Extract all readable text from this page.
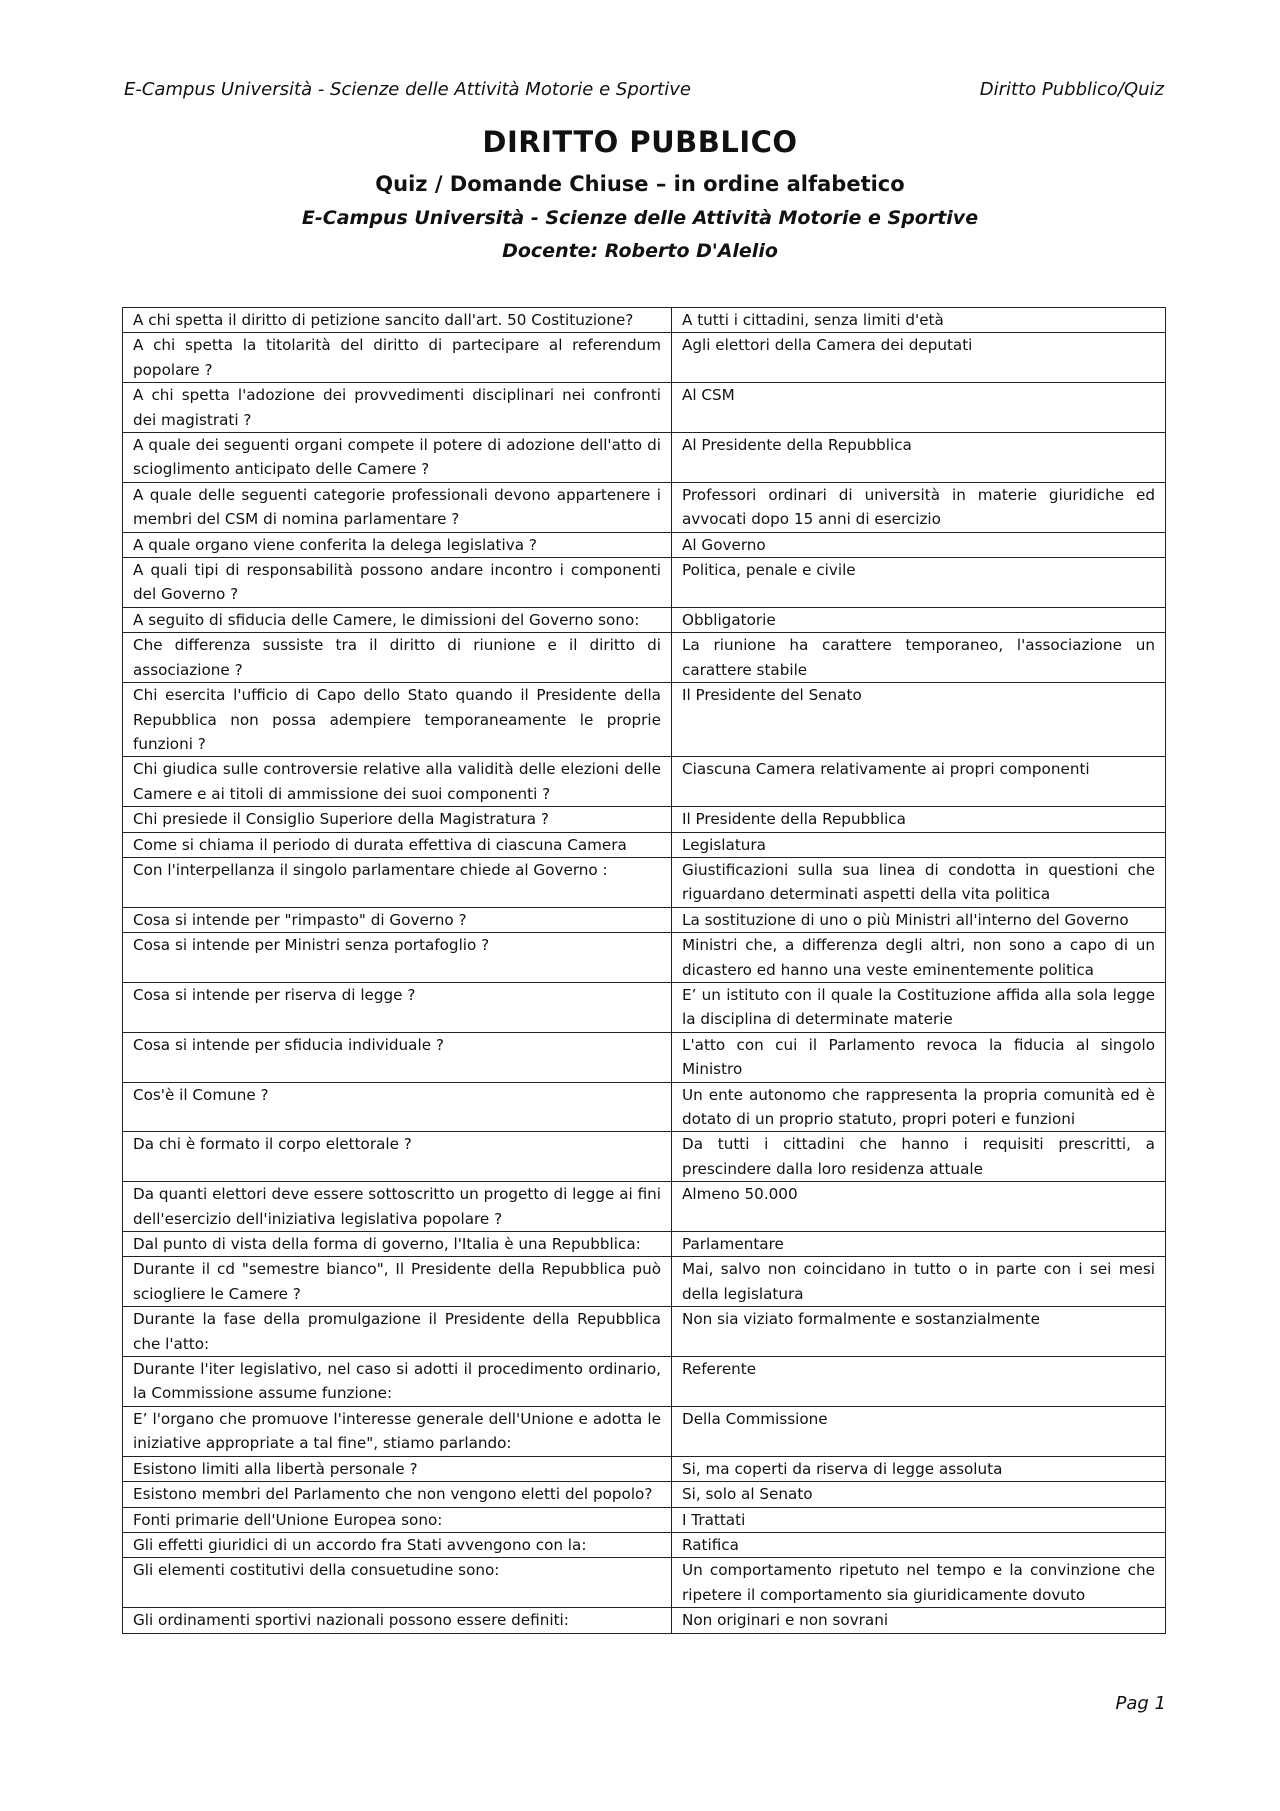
E-Campus Università - Scienze delle Attività Motorie e Sportive	Diritto Pubblico/Quiz
DIRITTO PUBBLICO
Quiz / Domande Chiuse – in ordine alfabetico
E-Campus Università - Scienze delle Attività Motorie e Sportive
Docente: Roberto D'Alelio
A chi spetta il diritto di petizione sancito dall'art. 50 Costituzione?	A tutti i cittadini, senza limiti d'età
A chi spetta la titolarità del diritto di partecipare al referendum popolare ?	Agli elettori della Camera dei deputati
A chi spetta l'adozione dei provvedimenti disciplinari nei confronti dei magistrati ?	Al CSM
A quale dei seguenti organi compete il potere di adozione dell'atto di scioglimento anticipato delle Camere ?	Al Presidente della Repubblica
A quale delle seguenti categorie professionali devono appartenere i membri del CSM di nomina parlamentare ?	Professori ordinari di università in materie giuridiche ed avvocati dopo 15 anni di esercizio
A quale organo viene conferita la delega legislativa ?	Al Governo
A quali tipi di responsabilità possono andare incontro i componenti del Governo ?	Politica, penale e civile
A seguito di sfiducia delle Camere, le dimissioni del Governo sono:	Obbligatorie
Che differenza sussiste tra il diritto di riunione e il diritto di associazione ?	La riunione ha carattere temporaneo, l'associazione un carattere stabile
Chi esercita l'ufficio di Capo dello Stato quando il Presidente della Repubblica non possa adempiere temporaneamente le proprie funzioni ?	Il Presidente del Senato
Chi giudica sulle controversie relative alla validità delle elezioni delle Camere e ai titoli di ammissione dei suoi componenti ?	Ciascuna Camera relativamente ai propri componenti
Chi presiede il Consiglio Superiore della Magistratura ?	Il Presidente della Repubblica
Come si chiama il periodo di durata effettiva di ciascuna Camera	Legislatura
Con l'interpellanza il singolo parlamentare chiede al Governo :	Giustificazioni sulla sua linea di condotta in questioni che riguardano determinati aspetti della vita politica
Cosa si intende per "rimpasto" di Governo ?	La sostituzione di uno o più Ministri all'interno del Governo
Cosa si intende per Ministri senza portafoglio ?	Ministri che, a differenza degli altri, non sono a capo di un dicastero ed hanno una veste eminentemente politica
Cosa si intende per riserva di legge ?	E’ un istituto con il quale la Costituzione affida alla sola legge la disciplina di determinate materie
Cosa si intende per sfiducia individuale ?	L'atto con cui il Parlamento revoca la fiducia al singolo Ministro
Cos'è il Comune ?	Un ente autonomo che rappresenta la propria comunità ed è dotato di un proprio statuto, propri poteri e funzioni
Da chi è formato il corpo elettorale ?	Da tutti i cittadini che hanno i requisiti prescritti, a prescindere dalla loro residenza attuale
Da quanti elettori deve essere sottoscritto un progetto di legge ai fini dell'esercizio dell'iniziativa legislativa popolare ?	Almeno 50.000
Dal punto di vista della forma di governo, l'Italia è una Repubblica:	Parlamentare
Durante il cd "semestre bianco", Il Presidente della Repubblica può sciogliere le Camere ?	Mai, salvo non coincidano in tutto o in parte con i sei mesi della legislatura
Durante la fase della promulgazione il Presidente della Repubblica che l'atto:	Non sia viziato formalmente e sostanzialmente
Durante l'iter legislativo, nel caso si adotti il procedimento ordinario, la Commissione assume funzione:	Referente
E’ l'organo che promuove l'interesse generale dell'Unione e adotta le iniziative appropriate a tal fine", stiamo parlando:	Della Commissione
Esistono limiti alla libertà personale ?	Si, ma coperti da riserva di legge assoluta
Esistono membri del Parlamento che non vengono eletti del popolo?	Si, solo al Senato
Fonti primarie dell'Unione Europea sono:	I Trattati
Gli effetti giuridici di un accordo fra Stati avvengono con la:	Ratifica
Gli elementi costitutivi della consuetudine sono:	Un comportamento ripetuto nel tempo e la convinzione che ripetere il comportamento sia giuridicamente dovuto
Gli ordinamenti sportivi nazionali possono essere definiti:	Non originari e non sovrani
Pag 1
